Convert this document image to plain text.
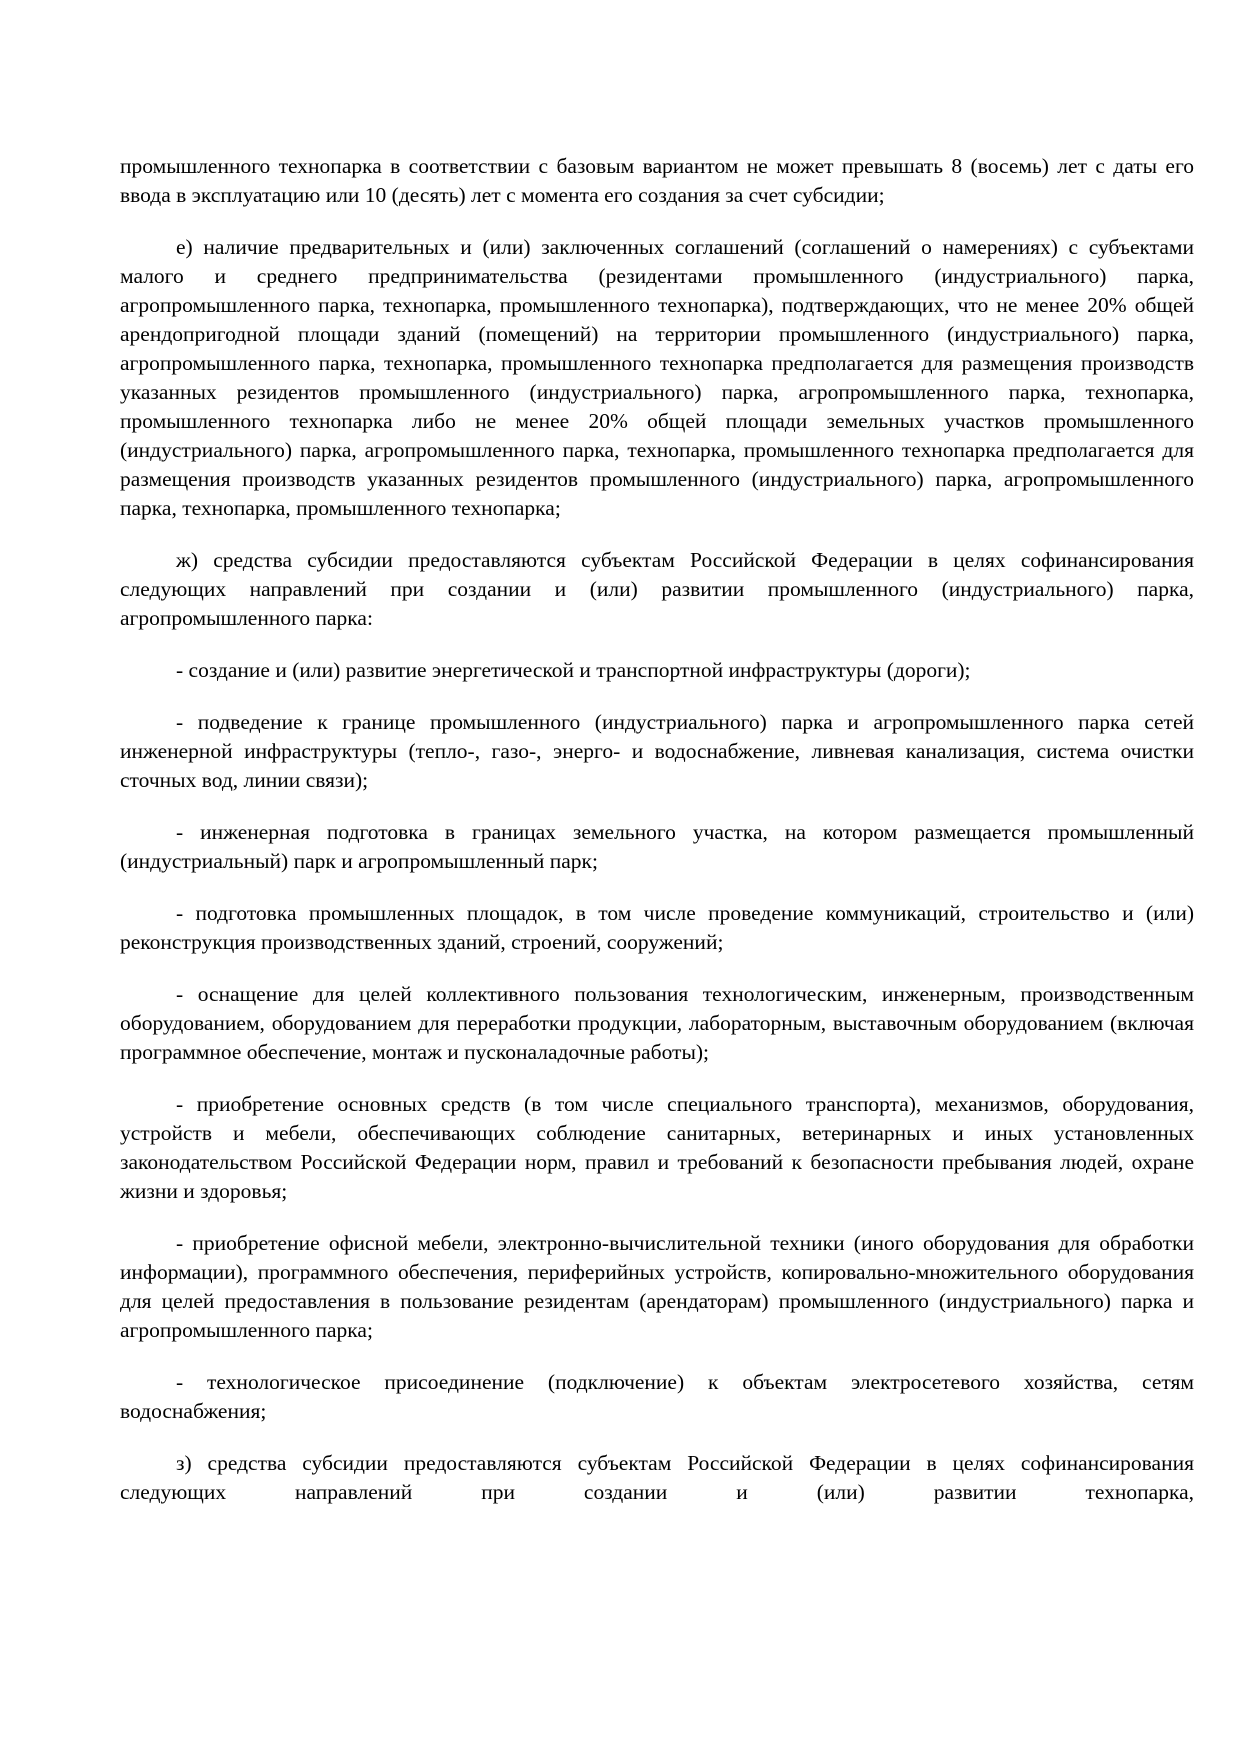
промышленного технопарка в соответствии с базовым вариантом не может превышать 8 (восемь) лет с даты его ввода в эксплуатацию или 10 (десять) лет с момента его создания за счет субсидии;

е) наличие предварительных и (или) заключенных соглашений (соглашений о намерениях) с субъектами малого и среднего предпринимательства (резидентами промышленного (индустриального) парка, агропромышленного парка, технопарка, промышленного технопарка), подтверждающих, что не менее 20% общей арендопригодной площади зданий (помещений) на территории промышленного (индустриального) парка, агропромышленного парка, технопарка, промышленного технопарка предполагается для размещения производств указанных резидентов промышленного (индустриального) парка, агропромышленного парка, технопарка, промышленного технопарка либо не менее 20% общей площади земельных участков промышленного (индустриального) парка, агропромышленного парка, технопарка, промышленного технопарка предполагается для размещения производств указанных резидентов промышленного (индустриального) парка, агропромышленного парка, технопарка, промышленного технопарка;

ж) средства субсидии предоставляются субъектам Российской Федерации в целях софинансирования следующих направлений при создании и (или) развитии промышленного (индустриального) парка, агропромышленного парка:

- создание и (или) развитие энергетической и транспортной инфраструктуры (дороги);

- подведение к границе промышленного (индустриального) парка и агропромышленного парка сетей инженерной инфраструктуры (тепло-, газо-, энерго- и водоснабжение, ливневая канализация, система очистки сточных вод, линии связи);

- инженерная подготовка в границах земельного участка, на котором размещается промышленный (индустриальный) парк и агропромышленный парк;

- подготовка промышленных площадок, в том числе проведение коммуникаций, строительство и (или) реконструкция производственных зданий, строений, сооружений;

- оснащение для целей коллективного пользования технологическим, инженерным, производственным оборудованием, оборудованием для переработки продукции, лабораторным, выставочным оборудованием (включая программное обеспечение, монтаж и пусконаладочные работы);

- приобретение основных средств (в том числе специального транспорта), механизмов, оборудования, устройств и мебели, обеспечивающих соблюдение санитарных, ветеринарных и иных установленных законодательством Российской Федерации норм, правил и требований к безопасности пребывания людей, охране жизни и здоровья;

- приобретение офисной мебели, электронно-вычислительной техники (иного оборудования для обработки информации), программного обеспечения, периферийных устройств, копировально-множительного оборудования для целей предоставления в пользование резидентам (арендаторам) промышленного (индустриального) парка и агропромышленного парка;

- технологическое присоединение (подключение) к объектам электросетевого хозяйства, сетям водоснабжения;

з) средства субсидии предоставляются субъектам Российской Федерации в целях софинансирования следующих направлений при создании и (или) развитии технопарка,
